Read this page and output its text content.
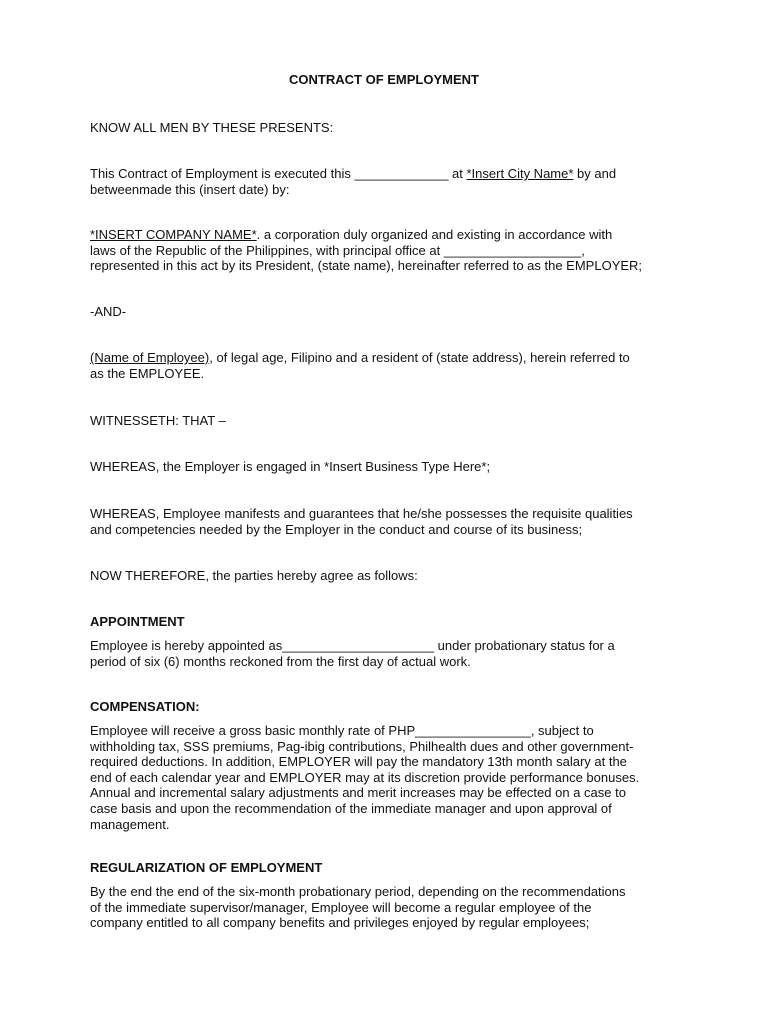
CONTRACT OF EMPLOYMENT

KNOW ALL MEN BY THESE PRESENTS:

This Contract of Employment is executed this _____________ at *Insert City Name* by and
betweenmade this (insert date) by:
*INSERT COMPANY NAME*. a corporation duly organized and existing in accordance with
laws of the Republic of the Philippines, with principal office at ___________________,
represented in this act by its President, (state name), hereinafter referred to as the EMPLOYER;

-AND-

(Name of Employee), of legal age, Filipino and a resident of (state address), herein referred to
as the EMPLOYEE.

WITNESSETH: THAT –

WHEREAS, the Employer is engaged in *Insert Business Type Here*;

WHEREAS, Employee manifests and guarantees that he/she possesses the requisite qualities
and competencies needed by the Employer in the conduct and course of its business;

NOW THEREFORE, the parties hereby agree as follows:

APPOINTMENT

Employee is hereby appointed as_____________________ under probationary status for a
period of six (6) months reckoned from the first day of actual work.

COMPENSATION:

Employee will receive a gross basic monthly rate of PHP________________, subject to
withholding tax, SSS premiums, Pag-ibig contributions, Philhealth dues and other government-
required deductions. In addition, EMPLOYER will pay the mandatory 13th month salary at the
end of each calendar year and EMPLOYER may at its discretion provide performance bonuses.
Annual and incremental salary adjustments and merit increases may be effected on a case to
case basis and upon the recommendation of the immediate manager and upon approval of
management.

REGULARIZATION OF EMPLOYMENT

By the end the end of the six-month probationary period, depending on the recommendations
of the immediate supervisor/manager, Employee will become a regular employee of the
company entitled to all company benefits and privileges enjoyed by regular employees;
